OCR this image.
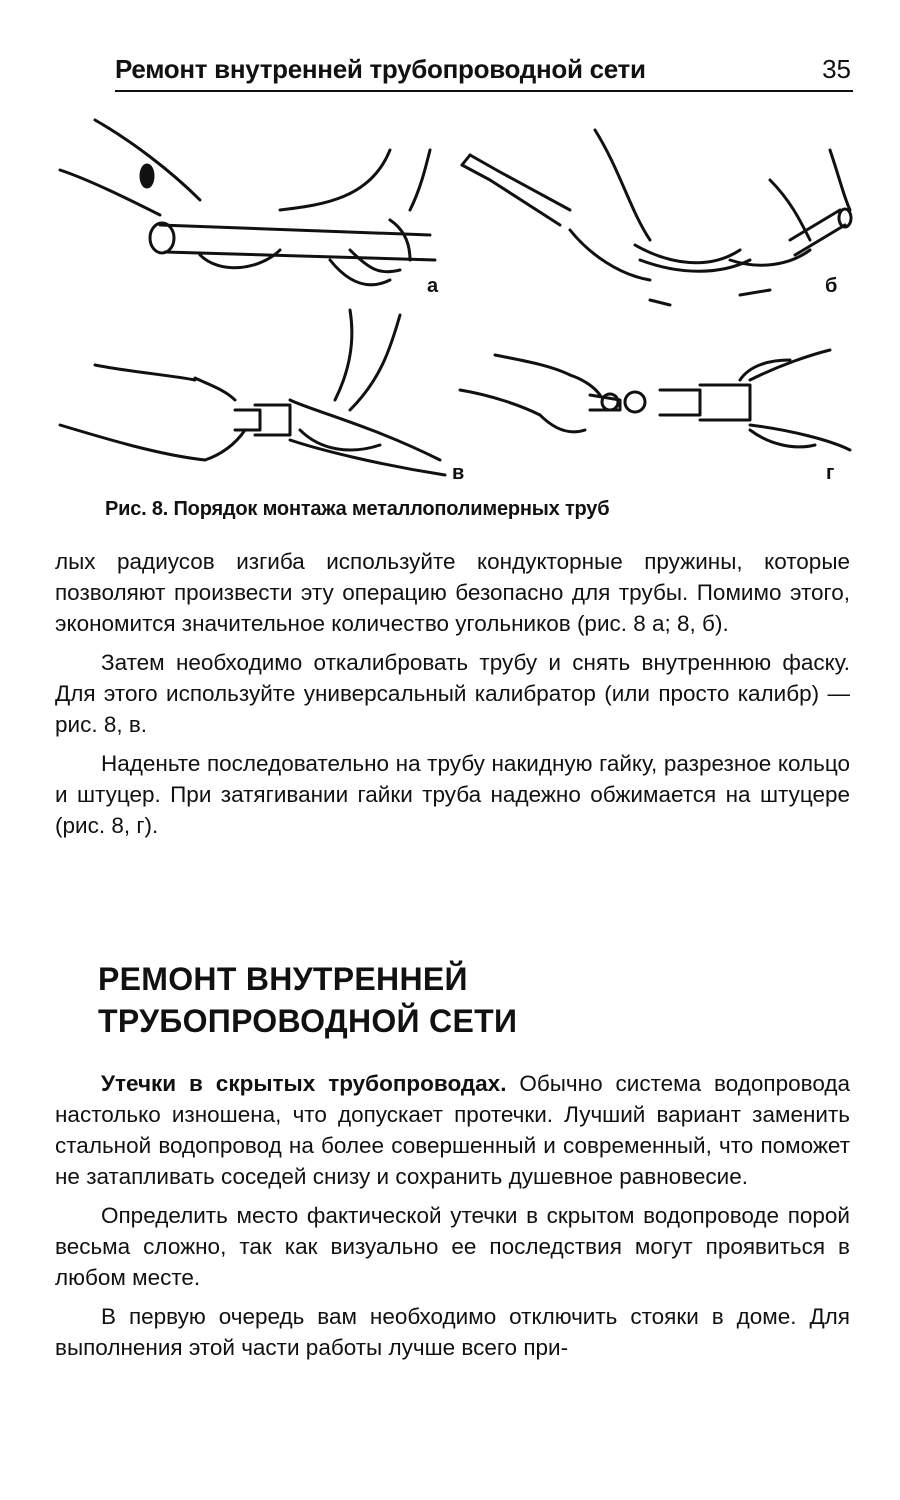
Ремонт внутренней трубопроводной сети	35
а	б
в	г
Рис. 8. Порядок монтажа металлополимерных труб

лых радиусов изгиба используйте кондукторные пружины, которые позволяют произвести эту операцию безопасно для трубы. Помимо этого, экономится значительное количество угольников (рис. 8 а; 8, б).

Затем необходимо откалибровать трубу и снять внутреннюю фаску. Для этого используйте универсальный калибратор (или просто калибр) — рис. 8, в.

Наденьте последовательно на трубу накидную гайку, разрезное кольцо и штуцер. При затягивании гайки труба надежно обжимается на штуцере (рис. 8, г).

РЕМОНТ ВНУТРЕННЕЙ
ТРУБОПРОВОДНОЙ СЕТИ

Утечки в скрытых трубопроводах. Обычно система водопровода настолько изношена, что допускает протечки. Лучший вариант заменить стальной водопровод на более совершенный и современный, что поможет не затапливать соседей снизу и сохранить душевное равновесие.

Определить место фактической утечки в скрытом водопроводе порой весьма сложно, так как визуально ее последствия могут проявиться в любом месте.

В первую очередь вам необходимо отключить стояки в доме. Для выполнения этой части работы лучше всего при-
